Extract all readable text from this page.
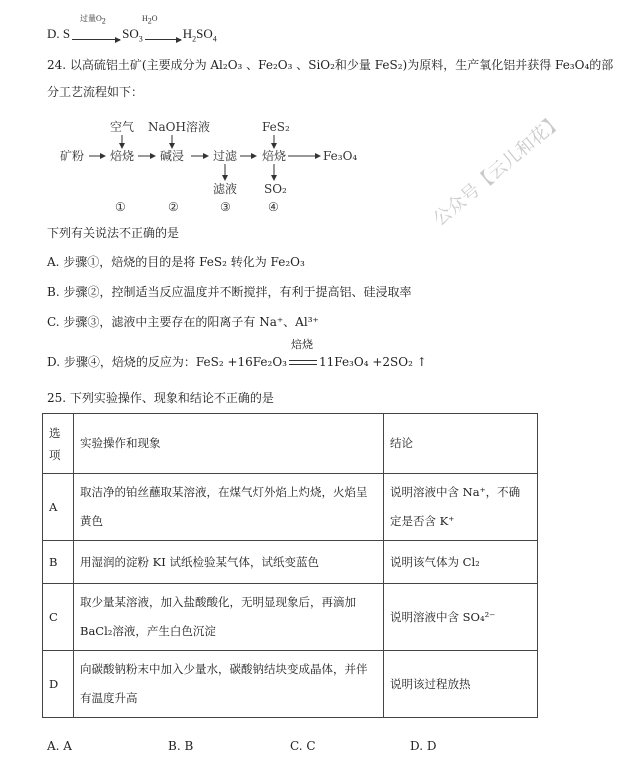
过量$O_2$	$H_2O$
D. S	$SO_3$	$H_2SO_4$
24. 以高硫铝土矿(主要成分为 Al₂O₃ 、Fe₂O₃ 、SiO₂和少量 FeS₂)为原料，生产氧化铝并获得 Fe₃O₄的部
分工艺流程如下：
矿粉 焙烧 碱浸 过滤 焙烧	Fe₃O₄
空气 NaOH溶液	FeS₂
滤液 SO₂
①	②	③	④
下列有关说法不正确的是
A. 步骤①，焙烧的目的是将 FeS₂ 转化为 Fe₂O₃
B. 步骤②，控制适当反应温度并不断搅拌，有利于提高铝、硅浸取率
C. 步骤③，滤液中主要存在的阳离子有 Na⁺、Al³⁺
D. 步骤④，焙烧的反应为：FeS₂ +16Fe₂O₃
焙烧
11Fe₃O₄ +2SO₂ ↑
25. 下列实验操作、现象和结论不正确的是
选项	实验操作和现象	结论
A	取洁净的铂丝蘸取某溶液，在煤气灯外焰上灼烧，火焰呈黄色	说明溶液中含 Na⁺，不确定是否含 K⁺
B	用湿润的淀粉 KI 试纸检验某气体，试纸变蓝色	说明该气体为 Cl₂
C	取少量某溶液，加入盐酸酸化，无明显现象后，再滴加 BaCl₂溶液，产生白色沉淀	说明溶液中含 SO₄²⁻
D	向碳酸钠粉末中加入少量水，碳酸钠结块变成晶体，并伴有温度升高	说明该过程放热
A. A	B. B	C. C	D. D
公众号【云儿和花】
